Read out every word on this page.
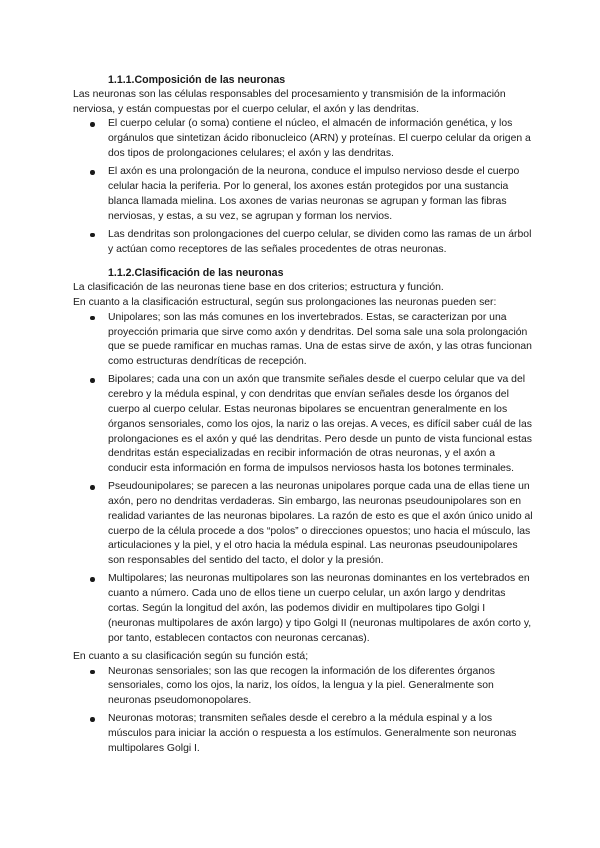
1.1.1.Composición de las neuronas

Las neuronas son las células responsables del procesamiento y transmisión de la información nerviosa, y están compuestas por el cuerpo celular, el axón y las dendritas.

El cuerpo celular (o soma) contiene el núcleo, el almacén de información genética, y los orgánulos que sintetizan ácido ribonucleico (ARN) y proteínas. El cuerpo celular da origen a dos tipos de prolongaciones celulares; el axón y las dendritas.
El axón es una prolongación de la neurona, conduce el impulso nervioso desde el cuerpo celular hacia la periferia. Por lo general, los axones están protegidos por una sustancia blanca llamada mielina. Los axones de varias neuronas se agrupan y forman las fibras nerviosas, y estas, a su vez, se agrupan y forman los nervios.
Las dendritas son prolongaciones del cuerpo celular, se dividen como las ramas de un árbol y actúan como receptores de las señales procedentes de otras neuronas.
1.1.2.Clasificación de las neuronas

La clasificación de las neuronas tiene base en dos criterios; estructura y función.

En cuanto a la clasificación estructural, según sus prolongaciones las neuronas pueden ser:

Unipolares; son las más comunes en los invertebrados. Estas, se caracterizan por una proyección primaria que sirve como axón y dendritas. Del soma sale una sola prolongación que se puede ramificar en muchas ramas. Una de estas sirve de axón, y las otras funcionan como estructuras dendríticas de recepción.
Bipolares; cada una con un axón que transmite señales desde el cuerpo celular que va del cerebro y la médula espinal, y con dendritas que envían señales desde los órganos del cuerpo al cuerpo celular. Estas neuronas bipolares se encuentran generalmente en los órganos sensoriales, como los ojos, la nariz o las orejas. A veces, es difícil saber cuál de las prolongaciones es el axón y qué las dendritas. Pero desde un punto de vista funcional estas dendritas están especializadas en recibir información de otras neuronas, y el axón a conducir esta información en forma de impulsos nerviosos hasta los botones terminales.
Pseudounipolares; se parecen a las neuronas unipolares porque cada una de ellas tiene un axón, pero no dendritas verdaderas. Sin embargo, las neuronas pseudounipolares son en realidad variantes de las neuronas bipolares. La razón de esto es que el axón único unido al cuerpo de la célula procede a dos “polos” o direcciones opuestos; uno hacia el músculo, las articulaciones y la piel, y el otro hacia la médula espinal. Las neuronas pseudounipolares son responsables del sentido del tacto, el dolor y la presión.
Multipolares; las neuronas multipolares son las neuronas dominantes en los vertebrados en cuanto a número. Cada uno de ellos tiene un cuerpo celular, un axón largo y dendritas cortas. Según la longitud del axón, las podemos dividir en multipolares tipo Golgi I (neuronas multipolares de axón largo) y tipo Golgi II (neuronas multipolares de axón corto y, por tanto, establecen contactos con neuronas cercanas).

En cuanto a su clasificación según su función está;

Neuronas sensoriales; son las que recogen la información de los diferentes órganos sensoriales, como los ojos, la nariz, los oídos, la lengua y la piel. Generalmente son neuronas pseudomonopolares.
Neuronas motoras; transmiten señales desde el cerebro a la médula espinal y a los músculos para iniciar la acción o respuesta a los estímulos. Generalmente son neuronas multipolares Golgi I.
